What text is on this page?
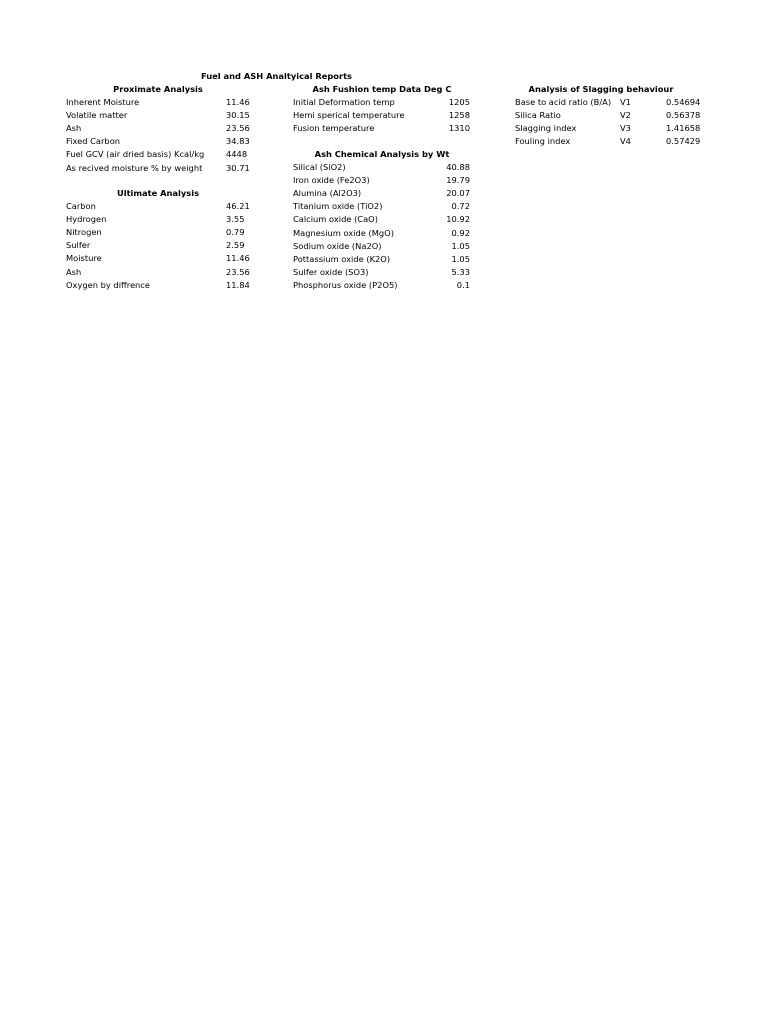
Fuel and ASH Analtyical Reports
Proximate Analysis
Inherent Moisture	11.46
Volatile matter	30.15
Ash	23.56
Fixed Carbon	34.83
Fuel GCV (air dried basis) Kcal/kg	4448
As recived moisture % by weight	30.71
Ultimate Analysis
Carbon	46.21
Hydrogen	3.55
Nitrogen	0.79
Sulfer	2.59
Moisture	11.46
Ash	23.56
Oxygen by diffrence	11.84
Ash Fushion temp Data Deg C
Initial Deformation temp	1205
Hemi sperical temperature	1258
Fusion temperature	1310
Ash Chemical Analysis by Wt
Silical (SiO2)	40.88
Iron oxide (Fe2O3)	19.79
Alumina (Al2O3)	20.07
Titanium oxide (TiO2)	0.72
Calcium oxide (CaO)	10.92
Magnesium oxide (MgO)	0.92
Sodium oxide (Na2O)	1.05
Pottassium oxide (K2O)	1.05
Sulfer oxide (SO3)	5.33
Phosphorus oxide (P2O5)	0.1
Analysis of Slagging behaviour
Base to acid ratio (B/A) V1	0.54694
Silica Ratio	V2	0.56378
Slagging index	V3	1.41658
Fouling index	V4	0.57429
